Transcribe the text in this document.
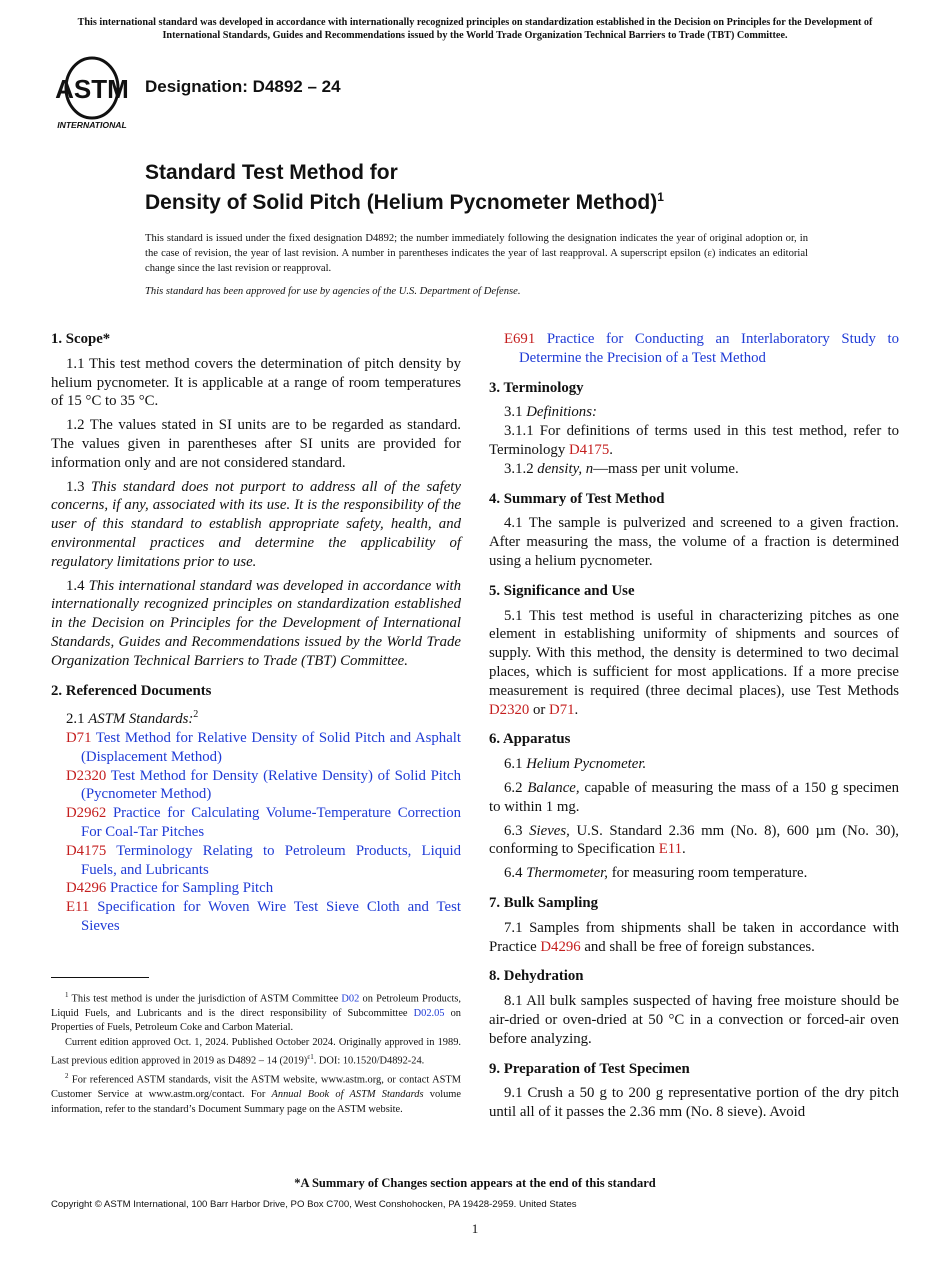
This international standard was developed in accordance with internationally recognized principles on standardization established in the Decision on Principles for the Development of International Standards, Guides and Recommendations issued by the World Trade Organization Technical Barriers to Trade (TBT) Committee.
ASTM
INTERNATIONAL
Designation: D4892 – 24
Standard Test Method for
Density of Solid Pitch (Helium Pycnometer Method)$^1$
This standard is issued under the fixed designation D4892; the number immediately following the designation indicates the year of original adoption or, in the case of revision, the year of last revision. A number in parentheses indicates the year of last reapproval. A superscript epsilon (ε) indicates an editorial change since the last revision or reapproval.
This standard has been approved for use by agencies of the U.S. Department of Defense.
1. Scope*
1.1 This test method covers the determination of pitch density by helium pycnometer. It is applicable at a range of room temperatures of 15 °C to 35 °C.
1.2 The values stated in SI units are to be regarded as standard. The values given in parentheses after SI units are provided for information only and are not considered standard.
1.3 This standard does not purport to address all of the safety concerns, if any, associated with its use. It is the responsibility of the user of this standard to establish appropriate safety, health, and environmental practices and determine the applicability of regulatory limitations prior to use.
1.4 This international standard was developed in accordance with internationally recognized principles on standardization established in the Decision on Principles for the Development of International Standards, Guides and Recommendations issued by the World Trade Organization Technical Barriers to Trade (TBT) Committee.
2. Referenced Documents
2.1 ASTM Standards:$^2$
D71 Test Method for Relative Density of Solid Pitch and Asphalt (Displacement Method)
D2320 Test Method for Density (Relative Density) of Solid Pitch (Pycnometer Method)
D2962 Practice for Calculating Volume-Temperature Correction For Coal-Tar Pitches
D4175 Terminology Relating to Petroleum Products, Liquid Fuels, and Lubricants
D4296 Practice for Sampling Pitch
E11 Specification for Woven Wire Test Sieve Cloth and Test Sieves

$^1$ This test method is under the jurisdiction of ASTM Committee D02 on Petroleum Products, Liquid Fuels, and Lubricants and is the direct responsibility of Subcommittee D02.05 on Properties of Fuels, Petroleum Coke and Carbon Material.

Current edition approved Oct. 1, 2024. Published October 2024. Originally approved in 1989. Last previous edition approved in 2019 as D4892 – 14 $(2019)^{\varepsilon 1}$. DOI: 10.1520/D4892-24.

$^2$ For referenced ASTM standards, visit the ASTM website, www.astm.org, or contact ASTM Customer Service at www.astm.org/contact. For Annual Book of ASTM Standards volume information, refer to the standard’s Document Summary page on the ASTM website.

E691 Practice for Conducting an Interlaboratory Study to Determine the Precision of a Test Method
3. Terminology
3.1 Definitions:
3.1.1 For definitions of terms used in this test method, refer to Terminology D4175.
3.1.2 density, n—mass per unit volume.
4. Summary of Test Method
4.1 The sample is pulverized and screened to a given fraction. After measuring the mass, the volume of a fraction is determined using a helium pycnometer.
5. Significance and Use
5.1 This test method is useful in characterizing pitches as one element in establishing uniformity of shipments and sources of supply. With this method, the density is determined to two decimal places, which is sufficient for most applications. If a more precise measurement is required (three decimal places), use Test Methods D2320 or D71.
6. Apparatus
6.1 Helium Pycnometer.
6.2 Balance, capable of measuring the mass of a 150 g specimen to within 1 mg.
6.3 Sieves, U.S. Standard 2.36 mm (No. 8), 600 µm (No. 30), conforming to Specification E11.
6.4 Thermometer, for measuring room temperature.
7. Bulk Sampling
7.1 Samples from shipments shall be taken in accordance with Practice D4296 and shall be free of foreign substances.
8. Dehydration
8.1 All bulk samples suspected of having free moisture should be air-dried or oven-dried at 50 °C in a convection or forced-air oven before analyzing.
9. Preparation of Test Specimen
9.1 Crush a 50 g to 200 g representative portion of the dry pitch until all of it passes the 2.36 mm (No. 8 sieve). Avoid
*A Summary of Changes section appears at the end of this standard
Copyright © ASTM International, 100 Barr Harbor Drive, PO Box C700, West Conshohocken, PA 19428-2959. United States
1
